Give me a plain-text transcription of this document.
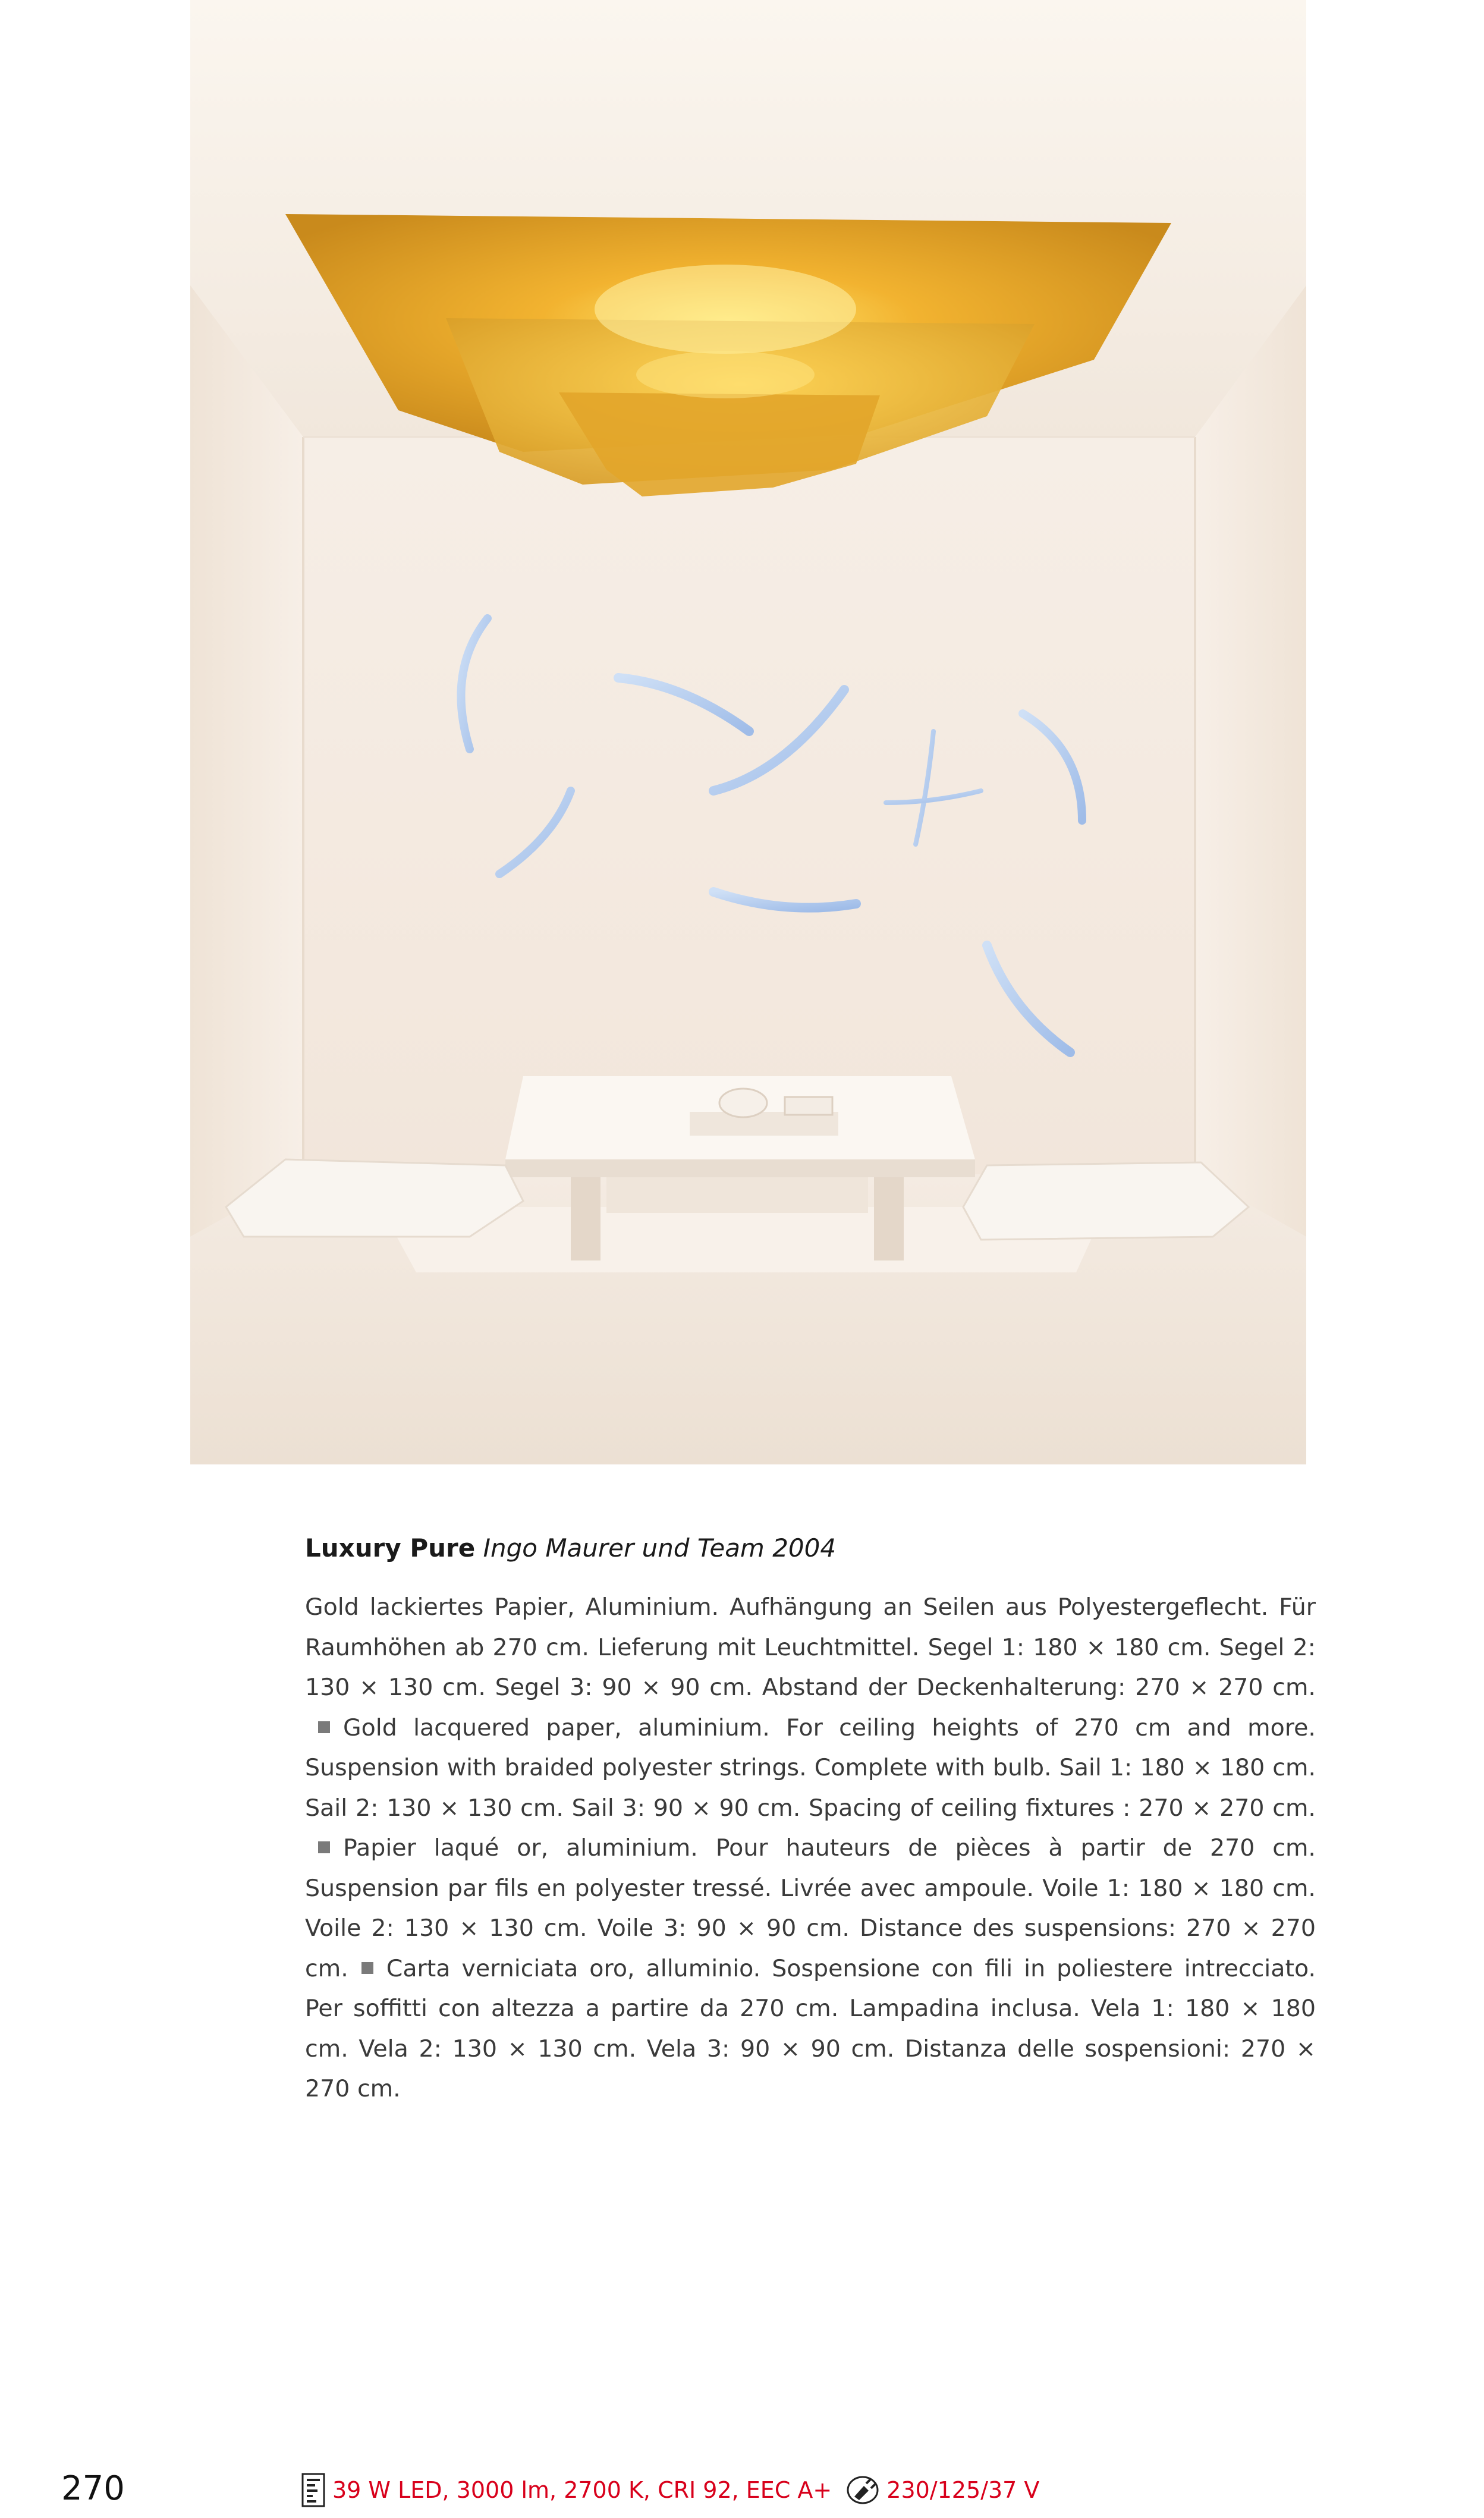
Luxury Pure Ingo Maurer und Team 2004
Gold lackiertes Papier, Aluminium. Aufhängung an Seilen aus Polyestergeflecht. Für Raumhöhen ab 270 cm. Lieferung mit Leuchtmittel. Segel 1: 180 × 180 cm. Segel 2: 130 × 130 cm. Segel 3: 90 × 90 cm. Abstand der Deckenhalterung: 270 × 270 cm.Gold lacquered paper, aluminium. For ceiling heights of 270 cm and more. Suspension with braided polyester strings. Complete with bulb. Sail 1: 180 × 180 cm. Sail 2: 130 × 130 cm. Sail 3: 90 × 90 cm. Spacing of ceiling fixtures : 270 × 270 cm.Papier laqué or, aluminium. Pour hauteurs de pièces à partir de 270 cm. Suspension par fils en polyester tressé. Livrée avec ampoule. Voile 1: 180 × 180 cm. Voile 2: 130 × 130 cm. Voile 3: 90 × 90 cm. Distance des suspensions: 270 × 270 cm. Carta verniciata oro, alluminio. Sospensione con fili in poliestere intrecciato. Per soffitti con altezza a partire da 270 cm. Lampadina inclusa. Vela 1: 180 × 180 cm. Vela 2: 130 × 130 cm. Vela 3: 90 × 90 cm. Distanza delle sospensioni: 270 × 270 cm.
270	39 W LED, 3000 lm, 2700 K, CRI 92, EEC A+ 230/125/37 V
